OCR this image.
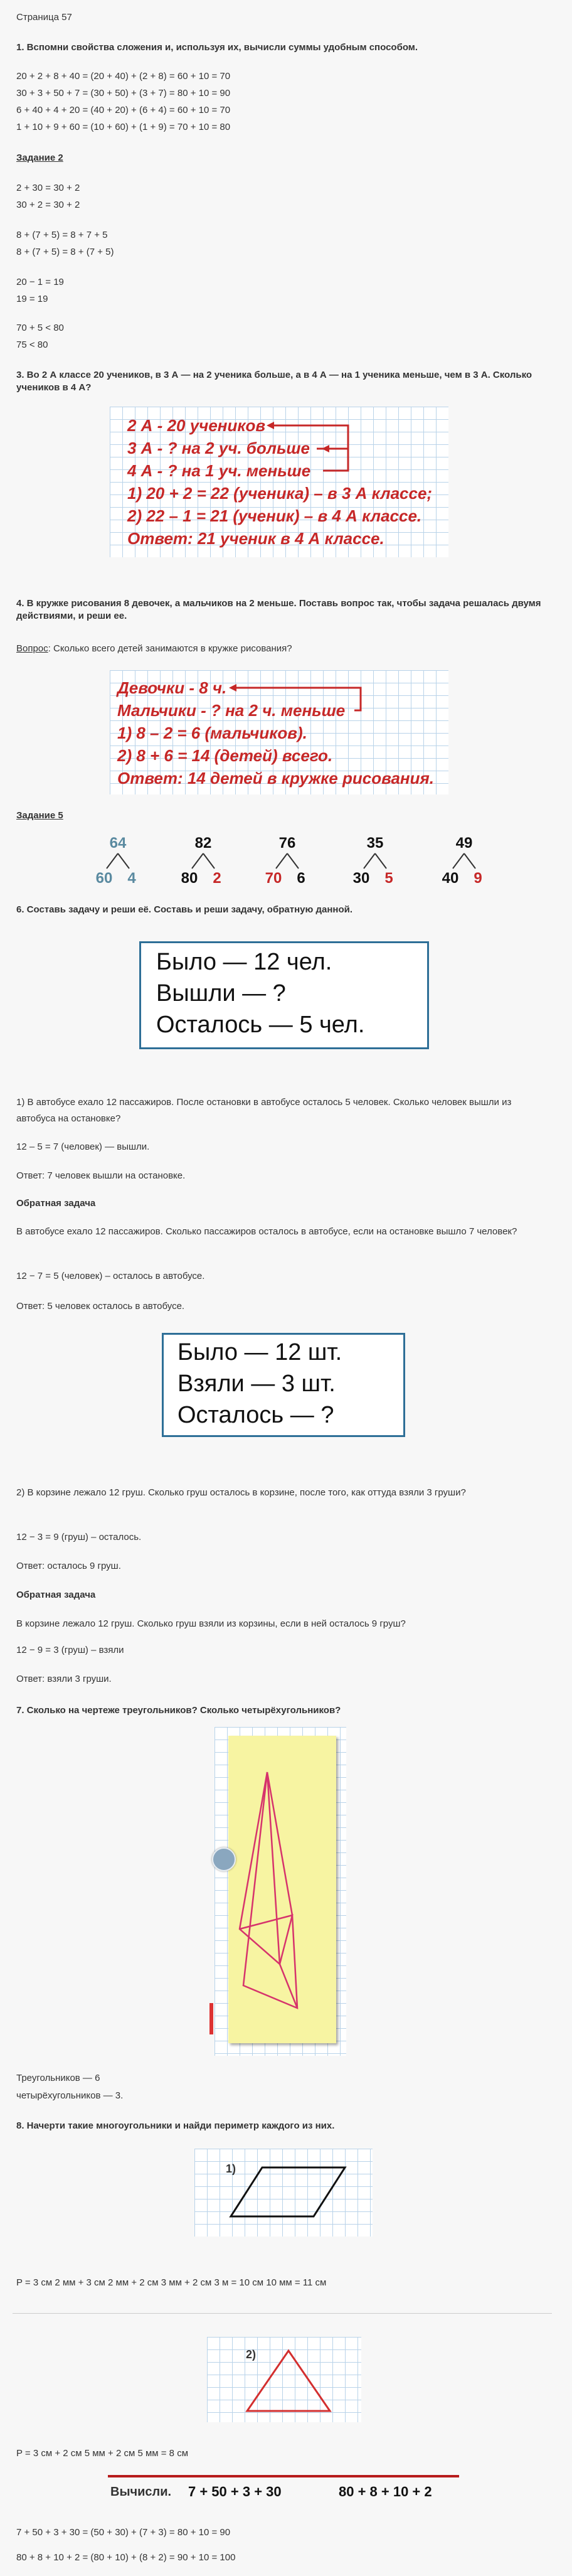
Страница 57

1. Вспомни свойства сложения и, используя их, вычисли суммы удобным способом.

20 + 2 + 8 + 40 = (20 + 40) + (2 + 8) = 60 + 10 = 70

30 + 3 + 50 + 7 = (30 + 50) + (3 + 7) = 80 + 10 = 90

6 + 40 + 4 + 20 = (40 + 20) + (6 + 4) = 60 + 10 = 70

1 + 10 + 9 + 60 = (10 + 60) + (1 + 9) = 70 + 10 = 80

Задание 2

2 + 30 = 30 + 2

30 + 2 = 30 + 2

8 + (7 + 5) = 8 + 7 + 5

8 + (7 + 5) = 8 + (7 + 5)

20 − 1 = 19

19 = 19

70 + 5 < 80

75 < 80

3. Во 2 А классе 20 учеников, в 3 А — на 2 ученика больше, а в 4 А — на 1 ученика меньше, чем в 3 А. Сколько учеников в 4 А?

2 А - 20 учеников

3 А - ? на 2 уч. больше

4 А - ? на 1 уч. меньше

1) 20 + 2 = 22 (ученика) – в 3 А классе;

2) 22 – 1 = 21 (ученик) – в 4 А классе.

Ответ: 21 ученик в 4 А классе.

4. В кружке рисования 8 девочек, а мальчиков на 2 меньше. Поставь вопрос так, чтобы задача решалась двумя действиями, и реши ее.

Вопрос: Сколько всего детей занимаются в кружке рисования?

Девочки - 8 ч.

Мальчики - ? на 2 ч. меньше

1) 8 – 2 = 6 (мальчиков).

2) 8 + 6 = 14 (детей) всего.

Ответ: 14 детей в кружке рисования.

Задание 5

64
60 4
82
80 2
76
70 6
35
30 5
49
40 9

6. Составь задачу и реши её. Составь и реши задачу, обратную данной.

Было — 12 чел.

Вышли — ?

Осталось — 5 чел.

1) В автобусе ехало 12 пассажиров. После остановки в автобусе осталось 5 человек. Сколько человек вышли из автобуса на остановке?

12 – 5 = 7 (человек) — вышли.

Ответ: 7 человек вышли на остановке.

Обратная задача

В автобусе ехало 12 пассажиров. Сколько пассажиров осталось в автобусе, если на остановке вышло 7 человек?

12 − 7 = 5 (человек) – осталось в автобусе.

Ответ: 5 человек осталось в автобусе.

Было — 12 шт.

Взяли — 3 шт.

Осталось — ?

2) В корзине лежало 12 груш. Сколько груш осталось в корзине, после того, как оттуда взяли 3 груши?

12 − 3 = 9 (груш) – осталось.

Ответ: осталось 9 груш.

Обратная задача

В корзине лежало 12 груш. Сколько груш взяли из корзины, если в ней осталось 9 груш?

12 − 9 = 3 (груш) – взяли

Ответ: взяли 3 груши.

7. Сколько на чертеже треугольников? Сколько четырёхугольников?

Треугольников — 6

четырёхугольников — 3.

8. Начерти такие многоугольники и найди периметр каждого из них.

1)

P = 3 см 2 мм + 3 см 2 мм + 2 см 3 мм + 2 см 3 м = 10 см 10 мм = 11 см

2)

P = 3 см + 2 см 5 мм + 2 см 5 мм = 8 см

Вычисли. 7 + 50 + 3 + 30	80 + 8 + 10 + 2

7 + 50 + 3 + 30 = (50 + 30) + (7 + 3) = 80 + 10 = 90

80 + 8 + 10 + 2 = (80 + 10) + (8 + 2) = 90 + 10 = 100
